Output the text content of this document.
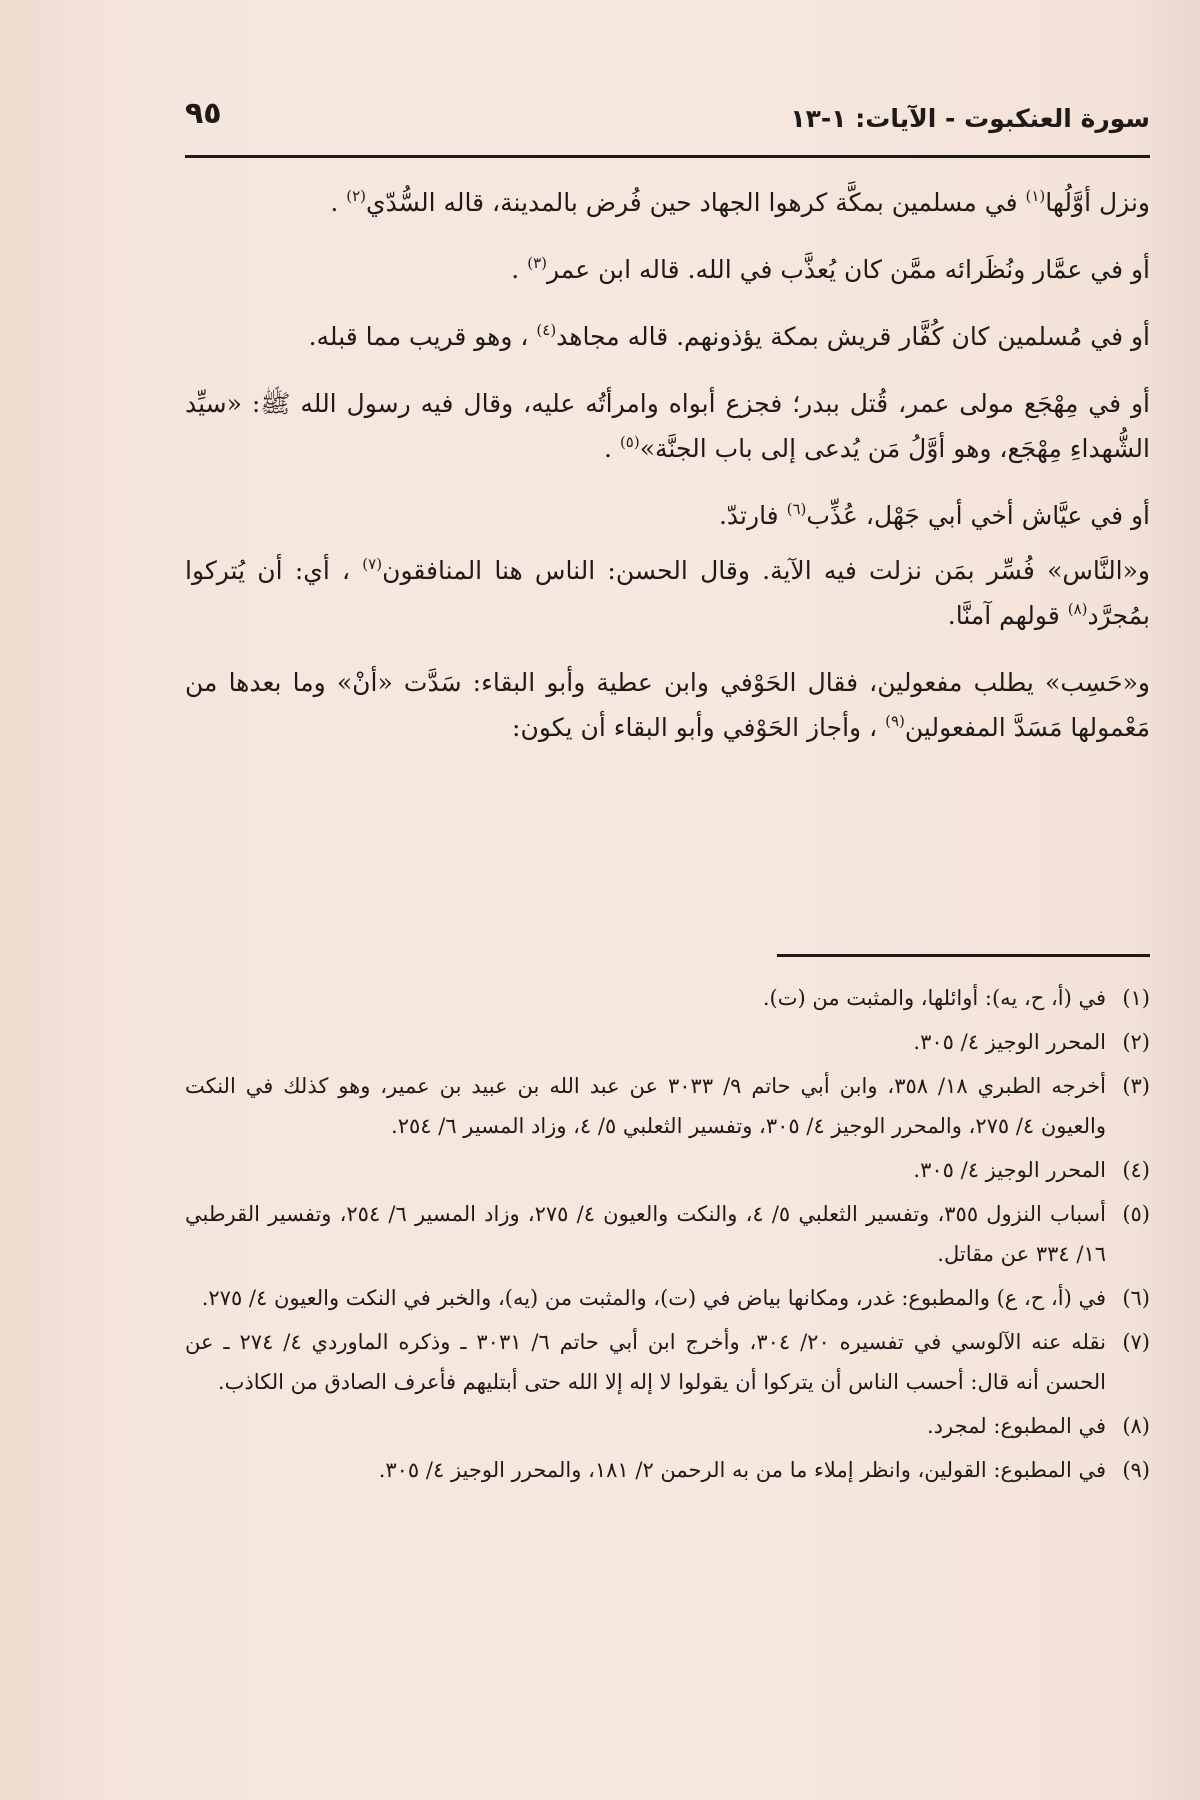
سورة العنكبوت - الآيات: ١-١٣
٩٥

ونزل أوَّلُها$^{(١)}$ في مسلمين بمكَّة كرهوا الجهاد حين فُرض بالمدينة، قاله السُّدّي$^{(٢)}$ .

أو في عمَّار ونُظَرائه ممَّن كان يُعذَّب في الله. قاله ابن عمر$^{(٣)}$ .

أو في مُسلمين كان كُفَّار قريش بمكة يؤذونهم. قاله مجاهد$^{(٤)}$ ، وهو قريب مما قبله.

أو في مِهْجَع مولى عمر، قُتل ببدر؛ فجزع أبواه وامرأتُه عليه، وقال فيه رسول الله ﷺ: «سيِّد الشُّهداءِ مِهْجَع، وهو أوَّلُ مَن يُدعى إلى باب الجنَّة»$^{(٥)}$ .

أو في عيَّاش أخي أبي جَهْل، عُذِّب$^{(٦)}$ فارتدّ.

و«النَّاس» فُسِّر بمَن نزلت فيه الآية. وقال الحسن: الناس هنا المنافقون$^{(٧)}$ ، أي: أن يُتركوا بمُجرَّد$^{(٨)}$ قولهم آمنَّا.

و«حَسِب» يطلب مفعولين، فقال الحَوْفي وابن عطية وأبو البقاء: سَدَّت «أنْ» وما بعدها من مَعْمولها مَسَدَّ المفعولين$^{(٩)}$ ، وأجاز الحَوْفي وأبو البقاء أن يكون:

(١)
في (أ، ح، يه): أوائلها، والمثبت من (ت).
(٢)
المحرر الوجيز ٤/ ٣٠٥.
(٣)
أخرجه الطبري ١٨/ ٣٥٨، وابن أبي حاتم ٩/ ٣٠٣٣ عن عبد الله بن عبيد بن عمير، وهو كذلك في النكت والعيون ٤/ ٢٧٥، والمحرر الوجيز ٤/ ٣٠٥، وتفسير الثعلبي ٥/ ٤، وزاد المسير ٦/ ٢٥٤.
(٤)
المحرر الوجيز ٤/ ٣٠٥.
(٥)
أسباب النزول ٣٥٥، وتفسير الثعلبي ٥/ ٤، والنكت والعيون ٤/ ٢٧٥، وزاد المسير ٦/ ٢٥٤، وتفسير القرطبي ١٦/ ٣٣٤ عن مقاتل.
(٦)
في (أ، ح، ع) والمطبوع: غدر، ومكانها بياض في (ت)، والمثبت من (يه)، والخبر في النكت والعيون ٤/ ٢٧٥.
(٧)
نقله عنه الآلوسي في تفسيره ٢٠/ ٣٠٤، وأخرج ابن أبي حاتم ٦/ ٣٠٣١ ـ وذكره الماوردي ٤/ ٢٧٤ ـ عن الحسن أنه قال: أحسب الناس أن يتركوا أن يقولوا لا إله إلا الله حتى أبتليهم فأعرف الصادق من الكاذب.
(٨)
في المطبوع: لمجرد.
(٩)
في المطبوع: القولين، وانظر إملاء ما من به الرحمن ٢/ ١٨١، والمحرر الوجيز ٤/ ٣٠٥.
